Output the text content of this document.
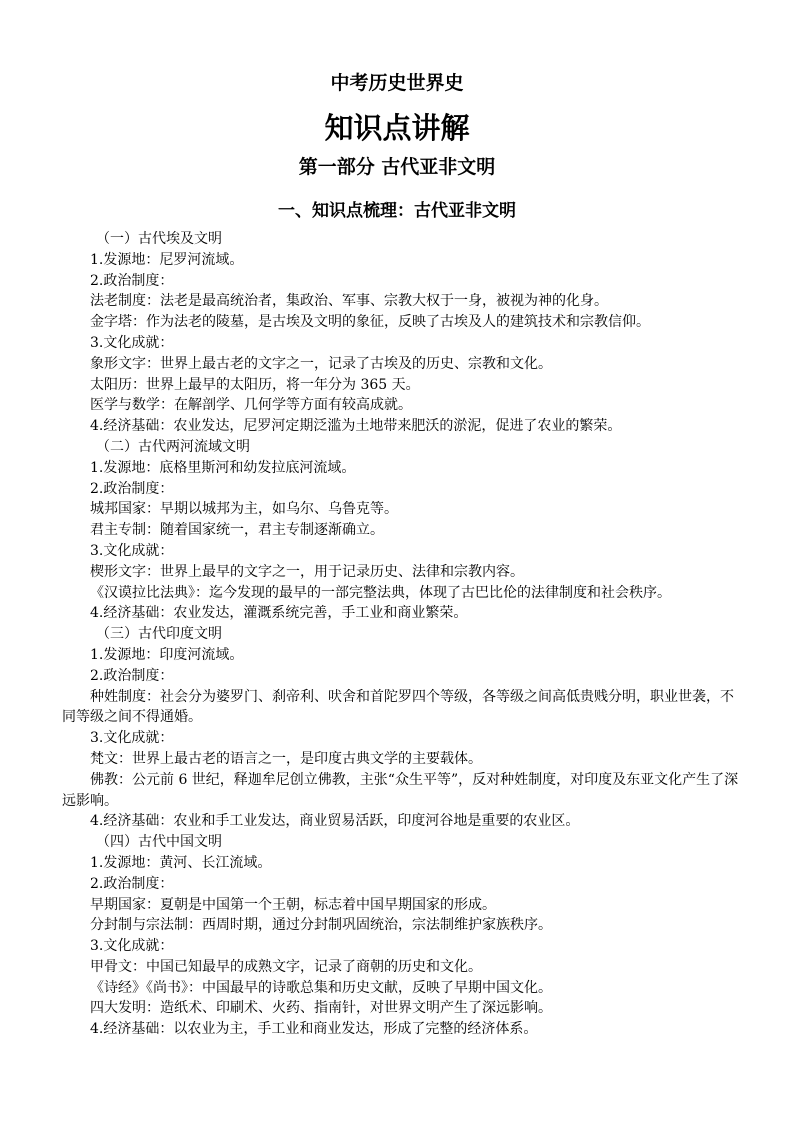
中考历史世界史
知识点讲解
第一部分 古代亚非文明
一、知识点梳理：古代亚非文明

（一）古代埃及文明

1.发源地：尼罗河流域。

2.政治制度：

法老制度：法老是最高统治者，集政治、军事、宗教大权于一身，被视为神的化身。

金字塔：作为法老的陵墓，是古埃及文明的象征，反映了古埃及人的建筑技术和宗教信仰。

3.文化成就：

象形文字：世界上最古老的文字之一，记录了古埃及的历史、宗教和文化。

太阳历：世界上最早的太阳历，将一年分为 365 天。

医学与数学：在解剖学、几何学等方面有较高成就。

4.经济基础：农业发达，尼罗河定期泛滥为土地带来肥沃的淤泥，促进了农业的繁荣。

（二）古代两河流域文明

1.发源地：底格里斯河和幼发拉底河流域。

2.政治制度：

城邦国家：早期以城邦为主，如乌尔、乌鲁克等。

君主专制：随着国家统一，君主专制逐渐确立。

3.文化成就：

楔形文字：世界上最早的文字之一，用于记录历史、法律和宗教内容。

《汉谟拉比法典》：迄今发现的最早的一部完整法典，体现了古巴比伦的法律制度和社会秩序。

4.经济基础：农业发达，灌溉系统完善，手工业和商业繁荣。

（三）古代印度文明

1.发源地：印度河流域。

2.政治制度：

种姓制度：社会分为婆罗门、刹帝利、吠舍和首陀罗四个等级，各等级之间高低贵贱分明，职业世袭，不同等级之间不得通婚。

3.文化成就：

梵文：世界上最古老的语言之一，是印度古典文学的主要载体。

佛教：公元前 6 世纪，释迦牟尼创立佛教，主张“众生平等”，反对种姓制度，对印度及东亚文化产生了深远影响。

4.经济基础：农业和手工业发达，商业贸易活跃，印度河谷地是重要的农业区。

（四）古代中国文明

1.发源地：黄河、长江流域。

2.政治制度：

早期国家：夏朝是中国第一个王朝，标志着中国早期国家的形成。

分封制与宗法制：西周时期，通过分封制巩固统治，宗法制维护家族秩序。

3.文化成就：

甲骨文：中国已知最早的成熟文字，记录了商朝的历史和文化。

《诗经》《尚书》：中国最早的诗歌总集和历史文献，反映了早期中国文化。

四大发明：造纸术、印刷术、火药、指南针，对世界文明产生了深远影响。

4.经济基础：以农业为主，手工业和商业发达，形成了完整的经济体系。
